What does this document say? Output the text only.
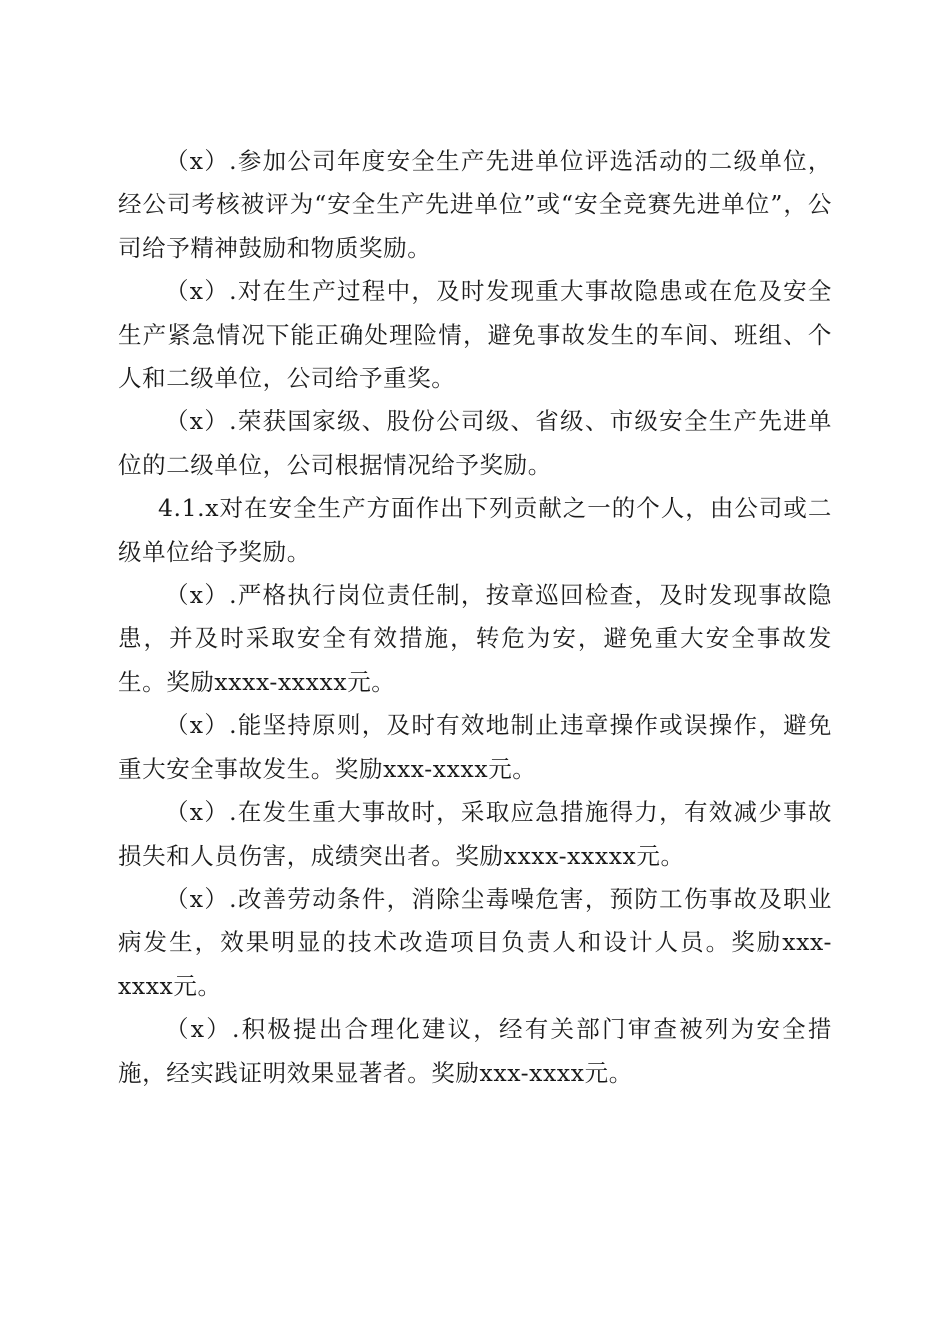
（x）.参加公司年度安全生产先进单位评选活动的二级单位，经公司考核被评为“安全生产先进单位”或“安全竞赛先进单位”，公司给予精神鼓励和物质奖励。

（x）.对在生产过程中，及时发现重大事故隐患或在危及安全生产紧急情况下能正确处理险情，避免事故发生的车间、班组、个人和二级单位，公司给予重奖。

（x）.荣获国家级、股份公司级、省级、市级安全生产先进单位的二级单位，公司根据情况给予奖励。

4.1.x对在安全生产方面作出下列贡献之一的个人，由公司或二级单位给予奖励。

（x）.严格执行岗位责任制，按章巡回检查，及时发现事故隐患，并及时采取安全有效措施，转危为安，避免重大安全事故发生。奖励xxxx-xxxxx元。

（x）.能坚持原则，及时有效地制止违章操作或误操作，避免重大安全事故发生。奖励xxx-xxxx元。

（x）.在发生重大事故时，采取应急措施得力，有效减少事故损失和人员伤害，成绩突出者。奖励xxxx-xxxxx元。

（x）.改善劳动条件，消除尘毒噪危害，预防工伤事故及职业病发生，效果明显的技术改造项目负责人和设计人员。奖励xxx-xxxx元。

（x）.积极提出合理化建议，经有关部门审查被列为安全措施，经实践证明效果显著者。奖励xxx-xxxx元。
